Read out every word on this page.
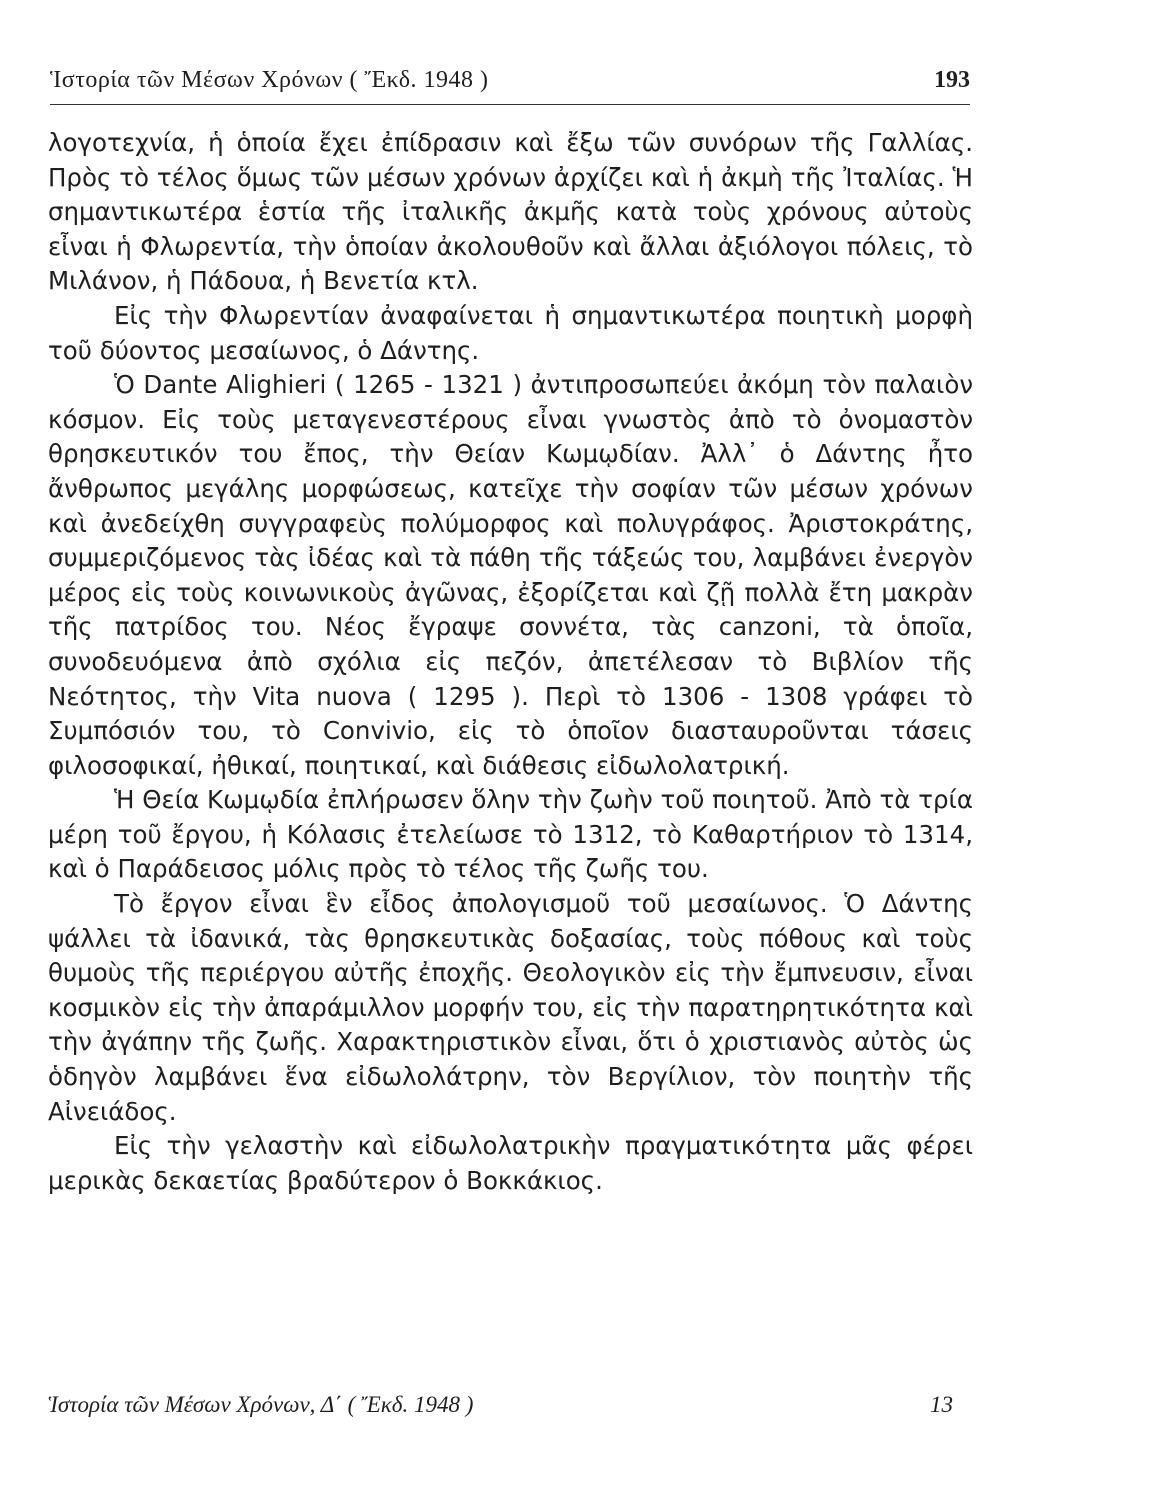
Ἱστορία τῶν Μέσων Χρόνων ( Ἔκδ. 1948 )	193

λογοτεχνία, ἡ ὁποία ἔχει ἐπίδρασιν καὶ ἔξω τῶν συνόρων τῆς Γαλλίας. Πρὸς τὸ τέλος ὅμως τῶν μέσων χρόνων ἀρχίζει καὶ ἡ ἀκμὴ τῆς Ἰταλίας. Ἡ σημαντικωτέρα ἑστία τῆς ἰταλικῆς ἀκμῆς κατὰ τοὺς χρόνους αὐτοὺς εἶναι ἡ Φλωρεντία, τὴν ὁποίαν ἀκολουθοῦν καὶ ἄλλαι ἀξιόλογοι πόλεις, τὸ Μιλάνον, ἡ Πάδουα, ἡ Βενετία κτλ.

Εἰς τὴν Φλωρεντίαν ἀναφαίνεται ἡ σημαντικωτέρα ποιητικὴ μορφὴ τοῦ δύοντος μεσαίωνος, ὁ Δάντης.

Ὁ Dante Alighieri ( 1265 - 1321 ) ἀντιπροσωπεύει ἀκόμη τὸν παλαιὸν κόσμον. Εἰς τοὺς μεταγενεστέρους εἶναι γνωστὸς ἀπὸ τὸ ὀνομαστὸν θρησκευτικόν του ἔπος, τὴν Θείαν Κωμῳδίαν. Ἀλλ᾽ ὁ Δάντης ἦτο ἄνθρωπος μεγάλης μορφώσεως, κατεῖχε τὴν σοφίαν τῶν μέσων χρόνων καὶ ἀνεδείχθη συγγραφεὺς πολύμορφος καὶ πολυγράφος. Ἀριστοκράτης, συμμεριζόμενος τὰς ἰδέας καὶ τὰ πάθη τῆς τάξεώς του, λαμβάνει ἐνεργὸν μέρος εἰς τοὺς κοινωνικοὺς ἀγῶνας, ἐξορίζεται καὶ ζῇ πολλὰ ἔτη μακρὰν τῆς πατρίδος του. Νέος ἔγραψε σοννέτα, τὰς canzoni, τὰ ὁποῖα, συνοδευόμενα ἀπὸ σχόλια εἰς πεζόν, ἀπετέλεσαν τὸ Βιβλίον τῆς Νεότητος, τὴν Vita nuova ( 1295 ). Περὶ τὸ 1306 - 1308 γράφει τὸ Συμπόσιόν του, τὸ Convivio, εἰς τὸ ὁποῖον διασταυροῦνται τάσεις φιλοσοφικαί, ἠθικαί, ποιητικαί, καὶ διάθεσις εἰδωλολατρική.

Ἡ Θεία Κωμῳδία ἐπλήρωσεν ὅλην τὴν ζωὴν τοῦ ποιητοῦ. Ἀπὸ τὰ τρία μέρη τοῦ ἔργου, ἡ Κόλασις ἐτελείωσε τὸ 1312, τὸ Καθαρτήριον τὸ 1314, καὶ ὁ Παράδεισος μόλις πρὸς τὸ τέλος τῆς ζωῆς του.

Τὸ ἔργον εἶναι ἓν εἶδος ἀπολογισμοῦ τοῦ μεσαίωνος. Ὁ Δάντης ψάλλει τὰ ἰδανικά, τὰς θρησκευτικὰς δοξασίας, τοὺς πόθους καὶ τοὺς θυμοὺς τῆς περιέργου αὐτῆς ἐποχῆς. Θεολογικὸν εἰς τὴν ἔμπνευσιν, εἶναι κοσμικὸν εἰς τὴν ἀπαράμιλλον μορφήν του, εἰς τὴν παρατηρητικότητα καὶ τὴν ἀγάπην τῆς ζωῆς. Χαρακτηριστικὸν εἶναι, ὅτι ὁ χριστιανὸς αὐτὸς ὡς ὁδηγὸν λαμβάνει ἕνα εἰδωλολάτρην, τὸν Βεργίλιον, τὸν ποιητὴν τῆς Αἰνειάδος.

Εἰς τὴν γελαστὴν καὶ εἰδωλολατρικὴν πραγματικότητα μᾶς φέρει μερικὰς δεκαετίας βραδύτερον ὁ Βοκκάκιος.

Ἱστορία τῶν Μέσων Χρόνων, Δ΄ ( Ἔκδ. 1948 )	13
